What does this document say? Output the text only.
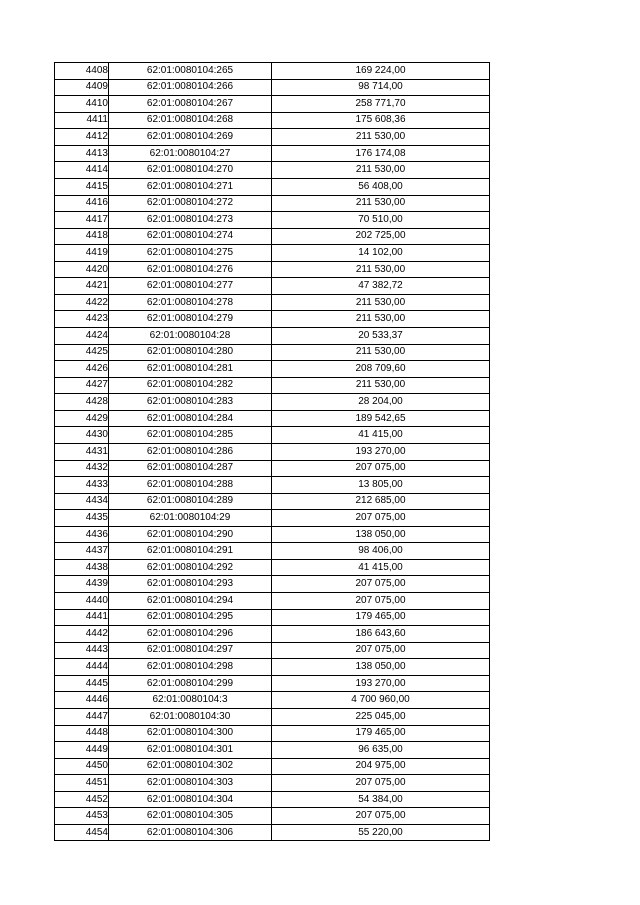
4408	62:01:0080104:265	169 224,00
4409	62:01:0080104:266	98 714,00
4410	62:01:0080104:267	258 771,70
4411	62:01:0080104:268	175 608,36
4412	62:01:0080104:269	211 530,00
4413	62:01:0080104:27	176 174,08
4414	62:01:0080104:270	211 530,00
4415	62:01:0080104:271	56 408,00
4416	62:01:0080104:272	211 530,00
4417	62:01:0080104:273	70 510,00
4418	62:01:0080104:274	202 725,00
4419	62:01:0080104:275	14 102,00
4420	62:01:0080104:276	211 530,00
4421	62:01:0080104:277	47 382,72
4422	62:01:0080104:278	211 530,00
4423	62:01:0080104:279	211 530,00
4424	62:01:0080104:28	20 533,37
4425	62:01:0080104:280	211 530,00
4426	62:01:0080104:281	208 709,60
4427	62:01:0080104:282	211 530,00
4428	62:01:0080104:283	28 204,00
4429	62:01:0080104:284	189 542,65
4430	62:01:0080104:285	41 415,00
4431	62:01:0080104:286	193 270,00
4432	62:01:0080104:287	207 075,00
4433	62:01:0080104:288	13 805,00
4434	62:01:0080104:289	212 685,00
4435	62:01:0080104:29	207 075,00
4436	62:01:0080104:290	138 050,00
4437	62:01:0080104:291	98 406,00
4438	62:01:0080104:292	41 415,00
4439	62:01:0080104:293	207 075,00
4440	62:01:0080104:294	207 075,00
4441	62:01:0080104:295	179 465,00
4442	62:01:0080104:296	186 643,60
4443	62:01:0080104:297	207 075,00
4444	62:01:0080104:298	138 050,00
4445	62:01:0080104:299	193 270,00
4446	62:01:0080104:3	4 700 960,00
4447	62:01:0080104:30	225 045,00
4448	62:01:0080104:300	179 465,00
4449	62:01:0080104:301	96 635,00
4450	62:01:0080104:302	204 975,00
4451	62:01:0080104:303	207 075,00
4452	62:01:0080104:304	54 384,00
4453	62:01:0080104:305	207 075,00
4454	62:01:0080104:306	55 220,00
